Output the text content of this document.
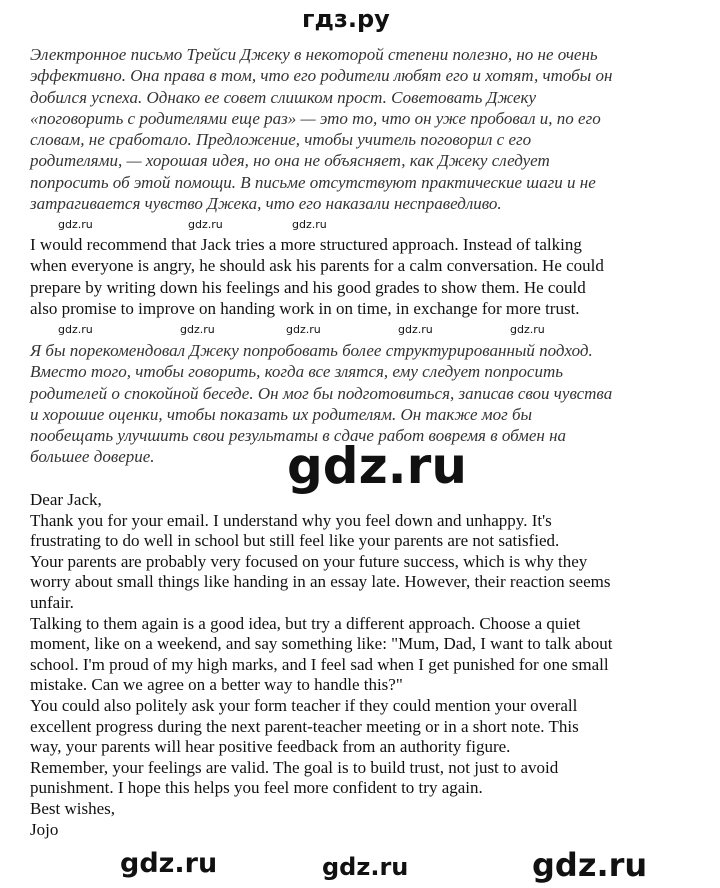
гдз.ру
Электронное письмо Трейси Джеку в некоторой степени полезно, но не очень
эффективно. Она права в том, что его родители любят его и хотят, чтобы он
добился успеха. Однако ее совет слишком прост. Советовать Джеку
«поговорить с родителями еще раз» — это то, что он уже пробовал и, по его
словам, не сработало. Предложение, чтобы учитель поговорил с его
родителями, — хорошая идея, но она не объясняет, как Джеку следует
попросить об этой помощи. В письме отсутствуют практические шаги и не
затрагивается чувство Джека, что его наказали несправедливо.
I would recommend that Jack tries a more structured approach. Instead of talking
when everyone is angry, he should ask his parents for a calm conversation. He could
prepare by writing down his feelings and his good grades to show them. He could
also promise to improve on handing work in on time, in exchange for more trust.
Я бы порекомендовал Джеку попробовать более структурированный подход.
Вместо того, чтобы говорить, когда все злятся, ему следует попросить
родителей о спокойной беседе. Он мог бы подготовиться, записав свои чувства
и хорошие оценки, чтобы показать их родителям. Он также мог бы
пообещать улучшить свои результаты в сдаче работ вовремя в обмен на
большее доверие.
Dear Jack,
Thank you for your email. I understand why you feel down and unhappy. It's
frustrating to do well in school but still feel like your parents are not satisfied.
Your parents are probably very focused on your future success, which is why they
worry about small things like handing in an essay late. However, their reaction seems
unfair.
Talking to them again is a good idea, but try a different approach. Choose a quiet
moment, like on a weekend, and say something like: "Mum, Dad, I want to talk about
school. I'm proud of my high marks, and I feel sad when I get punished for one small
mistake. Can we agree on a better way to handle this?"
You could also politely ask your form teacher if they could mention your overall
excellent progress during the next parent-teacher meeting or in a short note. This
way, your parents will hear positive feedback from an authority figure.
Remember, your feelings are valid. The goal is to build trust, not just to avoid
punishment. I hope this helps you feel more confident to try again.
Best wishes,
Jojo
gdz.ru	gdz.ru	gdz.ru
gdz.ru	gdz.ru	gdz.ru	gdz.ru	gdz.ru
gdz.ru
gdz.ru	gdz.ru	gdz.ru
